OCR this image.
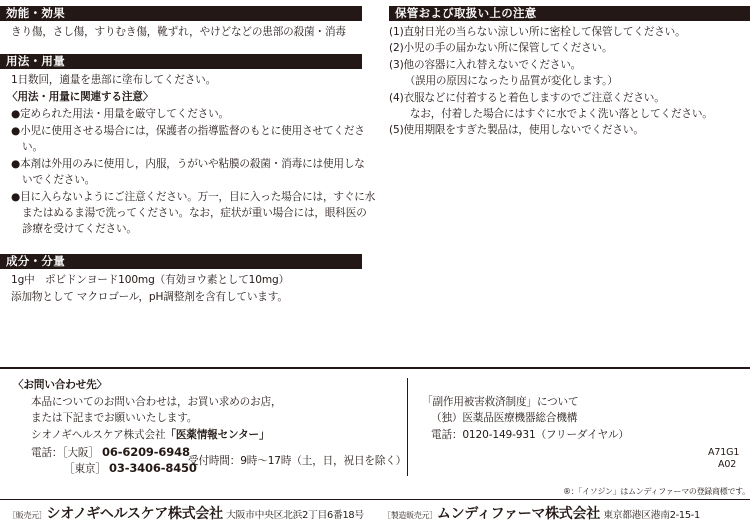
効能・効果
きり傷，さし傷，すりむき傷，靴ずれ，やけどなどの患部の殺菌・消毒
用法・用量
1日数回，適量を患部に塗布してください。
〈用法・用量に関連する注意〉
●定められた用法・用量を厳守してください。
●小児に使用させる場合には，保護者の指導監督のもとに使用させてくださ
い。
●本剤は外用のみに使用し，内服，うがいや粘膜の殺菌・消毒には使用しな
いでください。
●目に入らないようにご注意ください。万一，目に入った場合には，すぐに水
またはぬるま湯で洗ってください。なお，症状が重い場合には，眼科医の
診療を受けてください。
成分・分量
1g中　ポビドンヨード100mg（有効ヨウ素として10mg）
添加物として マクロゴール，pH調整剤を含有しています。
保管および取扱い上の注意
(1)直射日光の当らない涼しい所に密栓して保管してください。
(2)小児の手の届かない所に保管してください。
(3)他の容器に入れ替えないでください。
　　（誤用の原因になったり品質が変化します。）
(4)衣服などに付着すると着色しますのでご注意ください。
　　なお，付着した場合にはすぐに水でよく洗い落としてください。
(5)使用期限をすぎた製品は，使用しないでください。
〈お問い合わせ先〉
本品についてのお問い合わせは，お買い求めのお店，
または下記までお願いいたします。
シオノギヘルスケア株式会社「医薬情報センター」
電話：［大阪］ 06-6209-6948
［東京］ 03-3406-8450
受付時間：9時～17時（土，日，祝日を除く）
「副作用被害救済制度」について
（独）医薬品医療機器総合機構
電話：0120-149-931（フリーダイヤル）
A71G1
A02
®：「イソジン」はムンディファーマの登録商標です。
［販売元］シオノギヘルスケア株式会社 大阪市中央区北浜2丁目6番18号 ［製造販売元］ムンディファーマ株式会社 東京都港区港南2-15-1
